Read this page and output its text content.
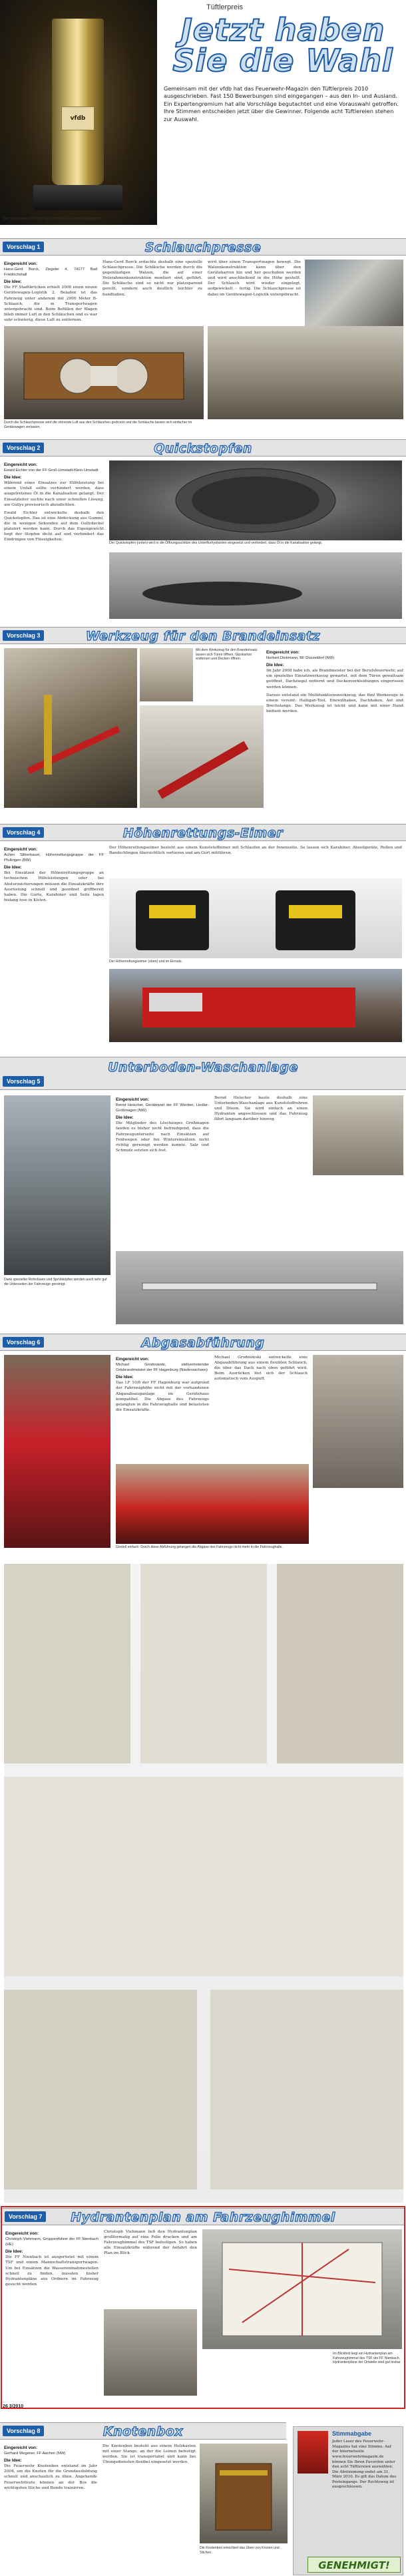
vfdb
Der Tüftlerpreis 2010 der vfdb und des Feuerwehr-Magazins.
Tüftlerpreis
Jetzt haben
Sie die Wahl
Gemeinsam mit der vfdb hat das Feuerwehr-Magazin den Tüftlerpreis 2010 ausgeschrieben. Fast 150 Bewerbungen sind eingegangen – aus den In- und Ausland. Ein Expertengremium hat alle Vorschläge begutachtet und eine Vorauswahl getroffen. Ihre Stimmen entscheiden jetzt über die Gewinner. Folgende acht Tüftlereien stehen zur Auswahl.
Vorschlag 1	Schlauchpresse
Eingereicht von:
Hans-Gerd Borck, Ziegelei 4, 74177 Bad Friedrichshall
Die Idee:
Die FF Stadtbrücken erhielt 2008 einen neuen Gerätewagen-Logistik 2. Beladen ist das Fahrzeug unter anderem mit 2000 Meter B-Schlauch, die in Transportwagen untergebracht sind. Beim Befüllen der Wagen blieb immer Luft in den Schläuchen und es war sehr schwierig, diese Luft zu entfernen.
Hans-Gerd Borck erdachte deshalb eine spezielle Schlauchpresse. Die Schläuche werden durch die gegenläufigen Walzen, die auf einer Holzrahmenkonstruktion montiert sind, geführt. Die Schläuche sind so nicht nur platzsparend gerollt, sondern auch deutlich leichter zu handhaben.
wird über einen Transportwagen bewegt. Die Walzenkonstruktion kann über den Gerätekarren hin und her geschoben werden und wird anschließend in die Höhe gestellt. Der Schlauch wird wieder eingelegt, aufgewickelt – fertig. Die Schlauchpresse ist dabei im Gerätewagen-Logistik untergebracht.
Durch die Schlauchpresse wird die störende Luft aus den Schläuchen gedrückt und die Schläuche lassen sich einfacher im Gerätewagen verlasten.
Vorschlag 2	Quickstopfen
Eingereicht von:
Ewald Eichler von der FF Groß-Umstadt-Klein-Umstadt
Die Idee:
Während eines Einsatzes zur Hilfeleistung bei einem Unfall sollte verhindert werden, dass ausgetretenes Öl in die Kanalisation gelangt. Der Einsatzleiter suchte nach einer schnellen Lösung, um Gullys provisorisch abzudichten.
Ewald Eichler entwickelte deshalb den Quickstopfen. Das ist eine Abdeckung aus Gummi, die in wenigen Sekunden auf dem Gullydeckel platziert werden kann. Durch das Eigengewicht liegt der Stopfen dicht auf und verhindert das Eindringen von Flüssigkeiten.
Der Quickstopfen (unten) wird in die Öffnungsschlitze des Unterflurhydranten eingesetzt und verhindert, dass Öl in die Kanalisation gelangt.
Vorschlag 3	Werkzeug für den Brandeinsatz
Mit dem Werkzeug für den Brandeinsatz lassen sich Türen öffnen, Gipskarton entfernen und Decken öffnen.
Eingereicht von:
Norbert Diekmann, BF Düsseldorf (NW)
Die Idee:
Im Jahr 2008 habe ich, als Brandmeister bei der Berufsfeuerwehr, auf ein spezielles Einsatzwerkzeug gewartet, mit dem Türen gewaltsam geöffnet, Dachziegel entfernt und Deckenverkleidungen eingerissen werden können.
Daraus entstand ein Multifunktionswerkzeug, das fünf Werkzeuge in einem vereint: Halligan-Tool, Einreißhaken, Dachhaken, Axt und Brechstange. Das Werkzeug ist leicht und kann mit einer Hand bedient werden.
Vorschlag 4	Höhenrettungs-Eimer
Eingereicht von:
Achim Silberbauer, Höhenrettungsgruppe der FF Pfullingen (BW)
Die Idee:
Bei Einsätzen der Höhenrettungsgruppe an technischen Hilfeleistungen oder bei Absturzsicherungen müssen die Einsatzkräfte ihre Ausrüstung schnell und geordnet griffbereit haben. Die Gurte, Karabiner und Seile lagen bislang lose in Kisten.
Der Höhenrettungseimer besteht aus einem Kunststoffeimer mit Schlaufen an der Innenseite. So lassen sich Karabiner, Abseilgeräte, Rollen und Bandschlingen übersichtlich sortieren und am Gurt mitführen.
Der Höhenrettungseimer (oben) und im Einsatz.
Vorschlag 5
Unterboden-Waschanlage
Eingereicht von:
Bernd Helscher, Gerätewart der FF Werden, Lindlar-Großmagen (NW)
Die Idee:
Die Mitglieder des Löschzuges Großmagen fanden es bisher nicht befriedigend, dass die Fahrzeugunterseite nach Einsätzen auf Feldwegen oder bei Wintereinsätzen nicht richtig gereinigt werden konnte. Salz und Schmutz setzten sich fest.
Bernd Helscher baute deshalb eine Unterboden-Waschanlage aus Kunststoffrohren und Düsen. Sie wird einfach an einen Hydranten angeschlossen und das Fahrzeug fährt langsam darüber hinweg.
Dank spezieller Rohrdüsen und Sprühköpfen werden auch sehr gut die Unterseiten der Fahrzeuge gereinigt.
Vorschlag 6	Abgasabführung
Eingereicht von:
Michael Grodnowski, stellvertretender Ortsbrandmeister der FF Hagenburg (Niedersachsen)
Die Idee:
Das LF 10/6 der FF Hagenburg war aufgrund der Fahrzeughöhe nicht mit der vorhandenen Abgasabsauganlage im Gerätehaus kompatibel. Die Abgase des Fahrzeugs gelangten in die Fahrzeughalle und belasteten die Einsatzkräfte.
Michael Grodnowski entwickelte eine Abgasabführung aus einem flexiblen Schlauch, die über das Dach nach oben geführt wird. Beim Ausrücken löst sich der Schlauch automatisch vom Auspuff.
Gestell einfach: Durch diese Abführung gelangen die Abgase des Fahrzeugs nicht mehr in die Fahrzeughalle.
Vorschlag 7	Hydrantenplan am Fahrzeughimmel
Eingereicht von:
Christoph Viehmann, Gruppenführer der FF Nienbach (HE)
Die Idee:
Die FF Nienbach ist ausgerüstet mit einem TSF und einem Mannschaftstransportwagen. Um bei Einsätzen die Wasserentnahmestellen schnell zu finden, mussten bisher Hydrantenpläne aus Ordnern im Fahrzeug gesucht werden.
Christoph Viehmann ließ den Hydrantenplan großformatig auf eine Folie drucken und am Fahrzeughimmel des TSF befestigen. So haben alle Einsatzkräfte während der Anfahrt den Plan im Blick.
Im Blickfeld liegt ein Hydrantenplan am Fahrzeughimmel des TSF der FF Nienbach. Hydrantenpläne der Ortsteile sind gut lesbar.
26 3/2010
Vorschlag 8	Knotenbox
Eingereicht von:
Gerhard Wegener, FF Aachen (NW)
Die Idee:
Die Feuerwehr Knotenbox entstand im Jahr 2004, um die Knoten für die Grundausbildung schnell und anschaulich zu üben. Angehende Feuerwehrleute können an der Box die wichtigsten Stiche und Bunde trainieren.
Die Knotenbox besteht aus einem Holzkasten mit einer Stange, an der die Leinen befestigt werden. Sie ist transportabel und kann bei Übungsdiensten flexibel eingesetzt werden.
Die Knotenbox erleichtert das Üben von Knoten und Stichen.
Stimmabgabe
Jeder Leser des Feuerwehr-Magazins hat eine Stimme. Auf der Internetseite www.feuerwehrmagazin.de können Sie Ihren Favoriten unter den acht Tüftlereien auswählen. Die Abstimmung endet am 31. März 2010. Es gilt das Datum des Posteingangs. Der Rechtsweg ist ausgeschlossen.
GENEHMIGT!
